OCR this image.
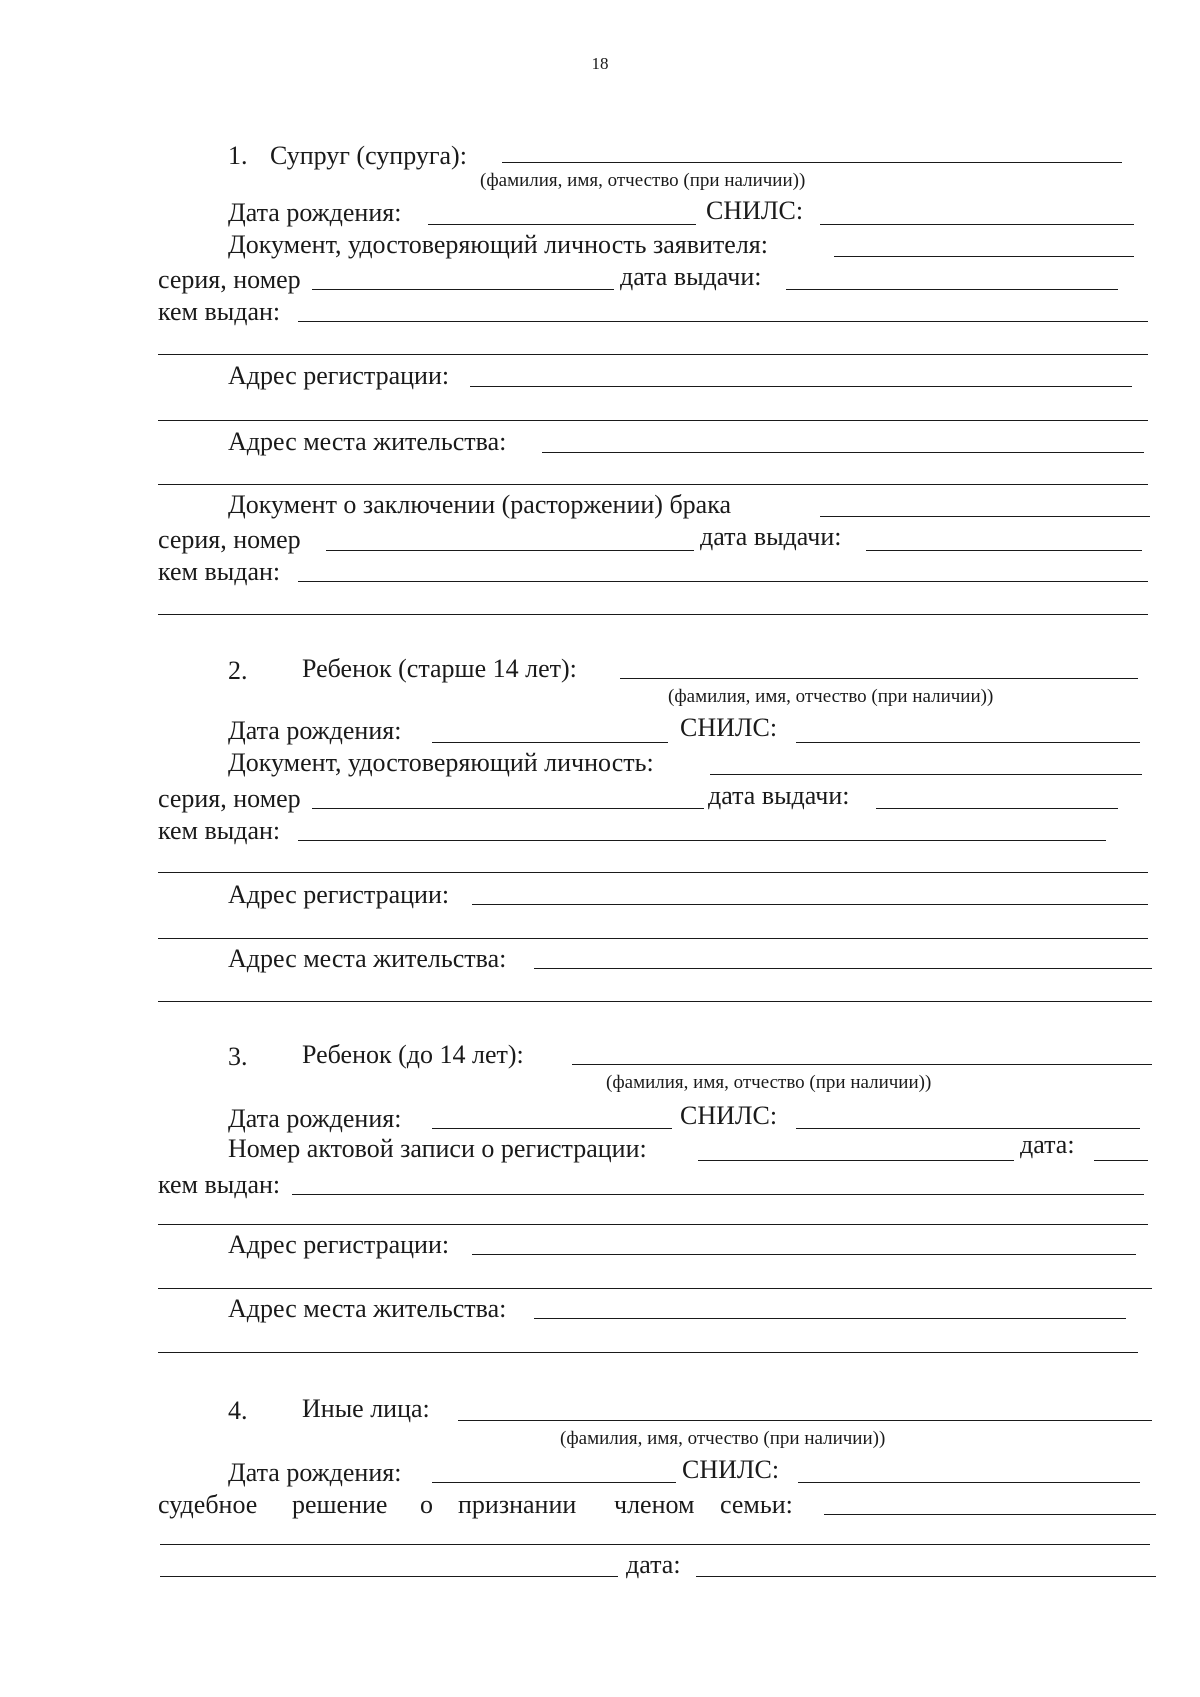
18
1. Супруг (супруга):
(фамилия, имя, отчество (при наличии))
Дата рождения:	СНИЛС:
Документ, удостоверяющий личность заявителя:
серия, номер	дата выдачи:
кем выдан:
Адрес регистрации:
Адрес места жительства:
Документ о заключении (расторжении) брака
серия, номер	дата выдачи:
кем выдан:
2. Ребенок (старше 14 лет):
(фамилия, имя, отчество (при наличии))
Дата рождения:	СНИЛС:
Документ, удостоверяющий личность:
серия, номер	дата выдачи:
кем выдан:
Адрес регистрации:
Адрес места жительства:
3. Ребенок (до 14 лет):
(фамилия, имя, отчество (при наличии))
Дата рождения:	СНИЛС:
Номер актовой записи о регистрации:	дата:
кем выдан:
Адрес регистрации:
Адрес места жительства:
4. Иные лица:
(фамилия, имя, отчество (при наличии))
Дата рождения:	СНИЛС:
судебное решение о признании членом семьи:
дата:
